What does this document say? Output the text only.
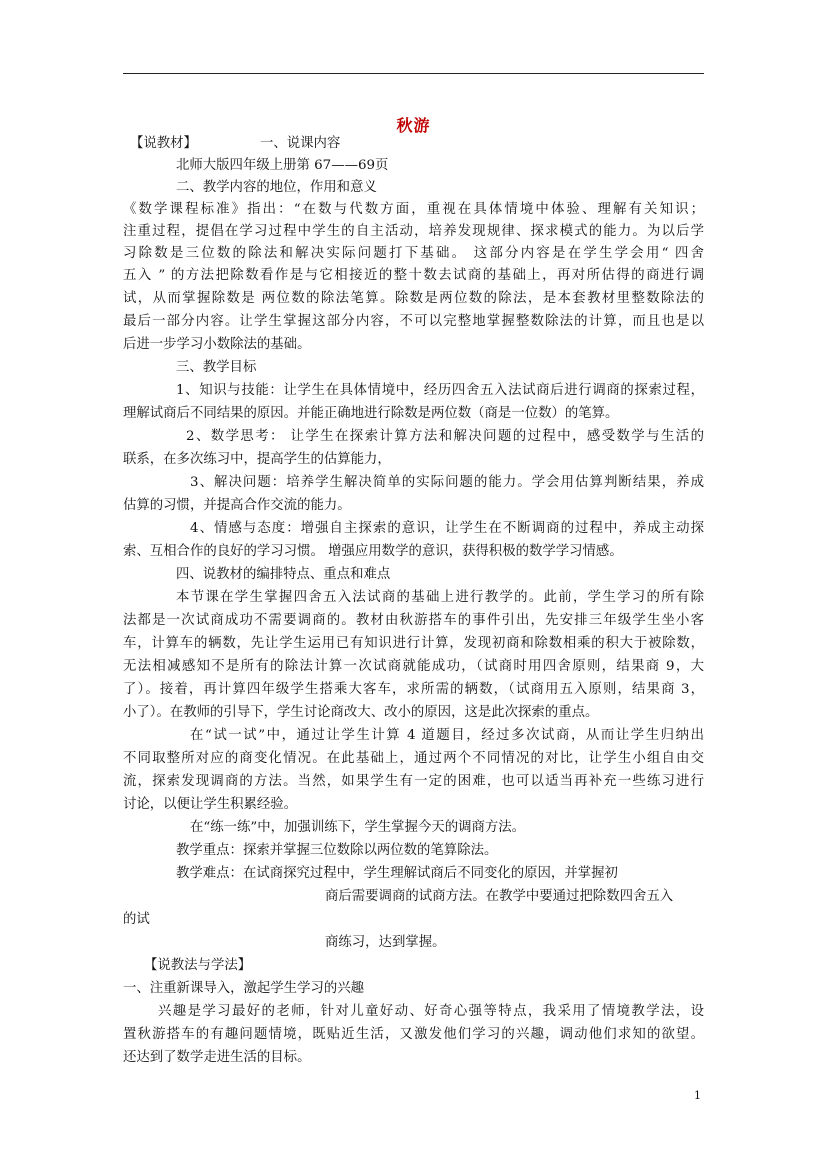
秋游
【说教材】	一、说课内容
北师大版四年级上册第 67——69页
二、教学内容的地位，作用和意义
《数学课程标准》指出：“在数与代数方面，重视在具体情境中体验、理解有关知识；
注重过程，提倡在学习过程中学生的自主活动，培养发现规律、探求模式的能力。为以后学
习除数是三位数的除法和解决实际问题打下基础。 这部分内容是在学生学会用“ 四舍
五入 ” 的方法把除数看作是与它相接近的整十数去试商的基础上，再对所估得的商进行调
试，从而掌握除数是 两位数的除法笔算。除数是两位数的除法，是本套教材里整数除法的
最后一部分内容。让学生掌握这部分内容，不可以完整地掌握整数除法的计算，而且也是以
后进一步学习小数除法的基础。
三、教学目标
1、知识与技能：让学生在具体情境中，经历四舍五入法试商后进行调商的探索过程，
理解试商后不同结果的原因。并能正确地进行除数是两位数（商是一位数）的笔算。
2、数学思考： 让学生在探索计算方法和解决问题的过程中，感受数学与生活的
联系，在多次练习中，提高学生的估算能力，
3、解决问题：培养学生解决简单的实际问题的能力。学会用估算判断结果，养成
估算的习惯，并提高合作交流的能力。
4、情感与态度：增强自主探索的意识，让学生在不断调商的过程中，养成主动探
索、互相合作的良好的学习习惯。 增强应用数学的意识，获得积极的数学学习情感。
四、说教材的编排特点、重点和难点
本节课在学生掌握四舍五入法试商的基础上进行教学的。此前，学生学习的所有除
法都是一次试商成功不需要调商的。教材由秋游搭车的事件引出，先安排三年级学生坐小客
车，计算车的辆数，先让学生运用已有知识进行计算，发现初商和除数相乘的积大于被除数，
无法相减感知不是所有的除法计算一次试商就能成功，（试商时用四舍原则，结果商 9，大
了）。接着，再计算四年级学生搭乘大客车，求所需的辆数，（试商用五入原则，结果商 3，
小了）。在教师的引导下，学生讨论商改大、改小的原因，这是此次探索的重点。
在“试一试”中，通过让学生计算 4 道题目，经过多次试商，从而让学生归纳出
不同取整所对应的商变化情况。在此基础上，通过两个不同情况的对比，让学生小组自由交
流，探索发现调商的方法。当然，如果学生有一定的困难，也可以适当再补充一些练习进行
讨论，以便让学生积累经验。
在“练一练”中，加强训练下，学生掌握今天的调商方法。
教学重点：探索并掌握三位数除以两位数的笔算除法。
教学难点：在试商探究过程中，学生理解试商后不同变化的原因，并掌握初
商后需要调商的试商方法。在教学中要通过把除数四舍五入
的试
商练习，达到掌握。
【说教法与学法】
一、注重新课导入，激起学生学习的兴趣
兴趣是学习最好的老师，针对儿童好动、好奇心强等特点，我采用了情境教学法，设
置秋游搭车的有趣问题情境，既贴近生活，又激发他们学习的兴趣，调动他们求知的欲望。
还达到了数学走进生活的目标。
1
